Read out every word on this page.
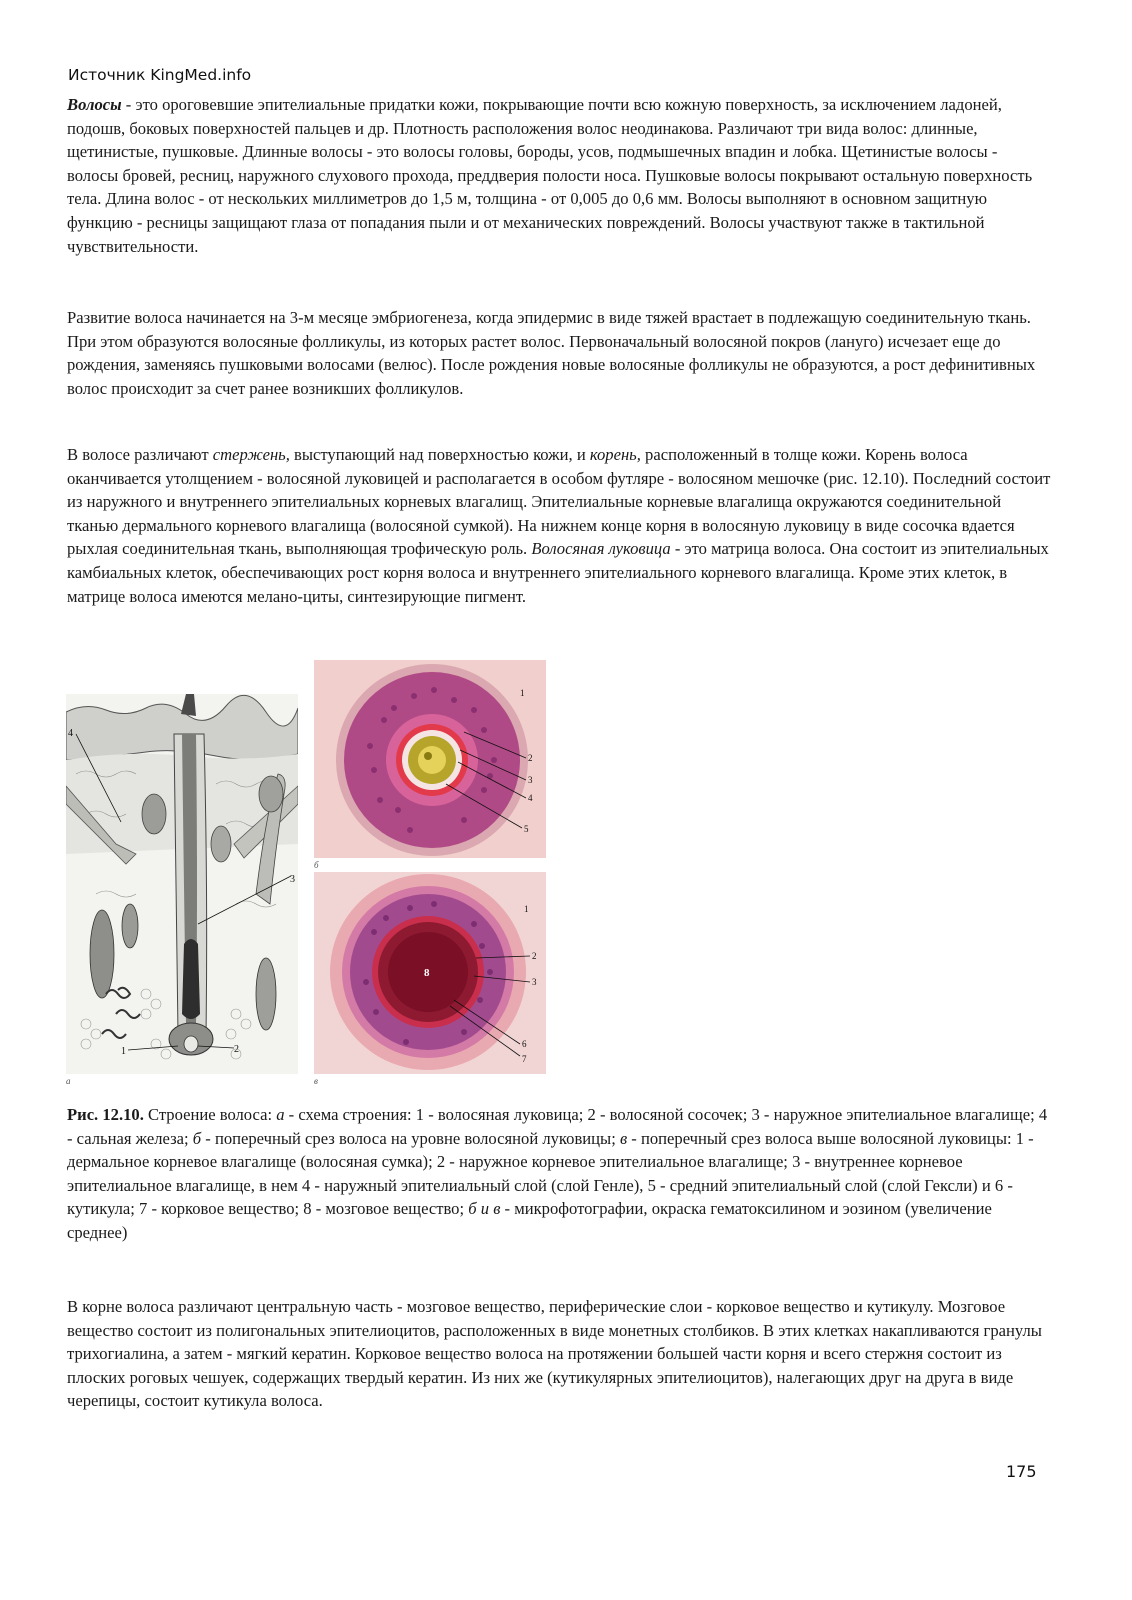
Источник KingMed.info

Волосы - это ороговевшие эпителиальные придатки кожи, покрывающие почти всю кожную поверхность, за исключением ладоней, подошв, боковых поверхностей пальцев и др. Плотность расположения волос неодинакова. Различают три вида волос: длинные, щетинистые, пушковые. Длинные волосы - это волосы головы, бороды, усов, подмышечных впадин и лобка. Щетинистые волосы - волосы бровей, ресниц, наружного слухового прохода, преддверия полости носа. Пушковые волосы покрывают остальную поверхность тела. Длина волос - от нескольких миллиметров до 1,5 м, толщина - от 0,005 до 0,6 мм. Волосы выполняют в основном защитную функцию - ресницы защищают глаза от попадания пыли и от механических повреждений. Волосы участвуют также в тактильной чувствительности.

Развитие волоса начинается на 3-м месяце эмбриогенеза, когда эпидермис в виде тяжей врастает в подлежащую соединительную ткань. При этом образуются волосяные фолликулы, из которых растет волос. Первоначальный волосяной покров (лануго) исчезает еще до рождения, заменяясь пушковыми волосами (велюс). После рождения новые волосяные фолликулы не образуются, а рост дефинитивных волос происходит за счет ранее возникших фолликулов.

В волосе различают стержень, выступающий над поверхностью кожи, и корень, расположенный в толще кожи. Корень волоса оканчивается утолщением - волосяной луковицей и располагается в особом футляре - волосяном мешочке (рис. 12.10). Последний состоит из наружного и внутреннего эпителиальных корневых влагалищ. Эпителиальные корневые влагалища окружаются соединительной тканью дермального корневого влагалища (волосяной сумкой). На нижнем конце корня в волосяную луковицу в виде сосочка вдается рыхлая соединительная ткань, выполняющая трофическую роль. Волосяная луковица - это матрица волоса. Она состоит из эпителиальных камбиальных клеток, обеспечивающих рост корня волоса и внутреннего эпителиального корневого влагалища. Кроме этих клеток, в матрице волоса имеются мелано-циты, синтезирующие пигмент.

4
3
1	2
а
1
2
3
4
5
б
8
1
2
3
6
7
в

Рис. 12.10. Строение волоса: а - схема строения: 1 - волосяная луковица; 2 - волосяной сосочек; 3 - наружное эпителиальное влагалище; 4 - сальная железа; б - поперечный срез волоса на уровне волосяной луковицы; в - поперечный срез волоса выше волосяной луковицы: 1 - дермальное корневое влагалище (волосяная сумка); 2 - наружное корневое эпителиальное влагалище; 3 - внутреннее корневое эпителиальное влагалище, в нем 4 - наружный эпителиальный слой (слой Генле), 5 - средний эпителиальный слой (слой Гексли) и 6 - кутикула; 7 - корковое вещество; 8 - мозговое вещество; б и в - микрофотографии, окраска гематоксилином и эозином (увеличение среднее)

В корне волоса различают центральную часть - мозговое вещество, периферические слои - корковое вещество и кутикулу. Мозговое вещество состоит из полигональных эпителиоцитов, расположенных в виде монетных столбиков. В этих клетках накапливаются гранулы трихогиалина, а затем - мягкий кератин. Корковое вещество волоса на протяжении большей части корня и всего стержня состоит из плоских роговых чешуек, содержащих твердый кератин. Из них же (кутикулярных эпителиоцитов), налегающих друг на друга в виде черепицы, состоит кутикула волоса.

175
